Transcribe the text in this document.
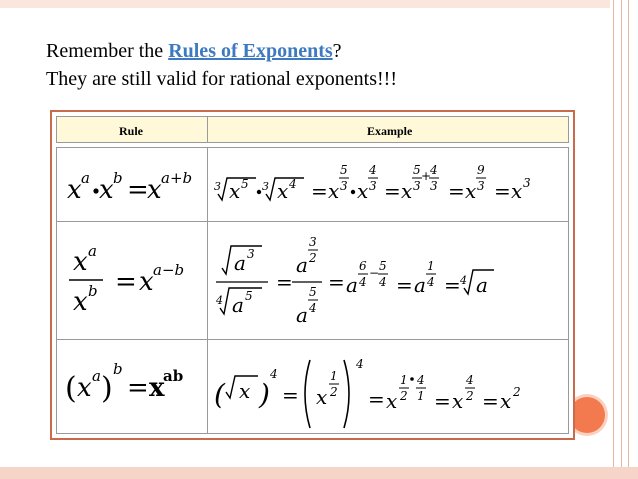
Remember the Rules of Exponents?
They are still valid for rational exponents!!!
Rule	Example
x a x b =
x a+b 3 x 5 3 x 4 = x
5
3 x
4
3 = x
5
3
+
4
3 = x
9
3 = x 3
x a
x b = x a−b a 3
4 a 5
=
a
3
2
a
5
4
= a
6
4
− 5
4 = a
1
4 = 4 a
( x a )
b
= x
ab
( x )
4
= x
1
2
4
= x
1
2
4
1 = x
4
2 = x 2
